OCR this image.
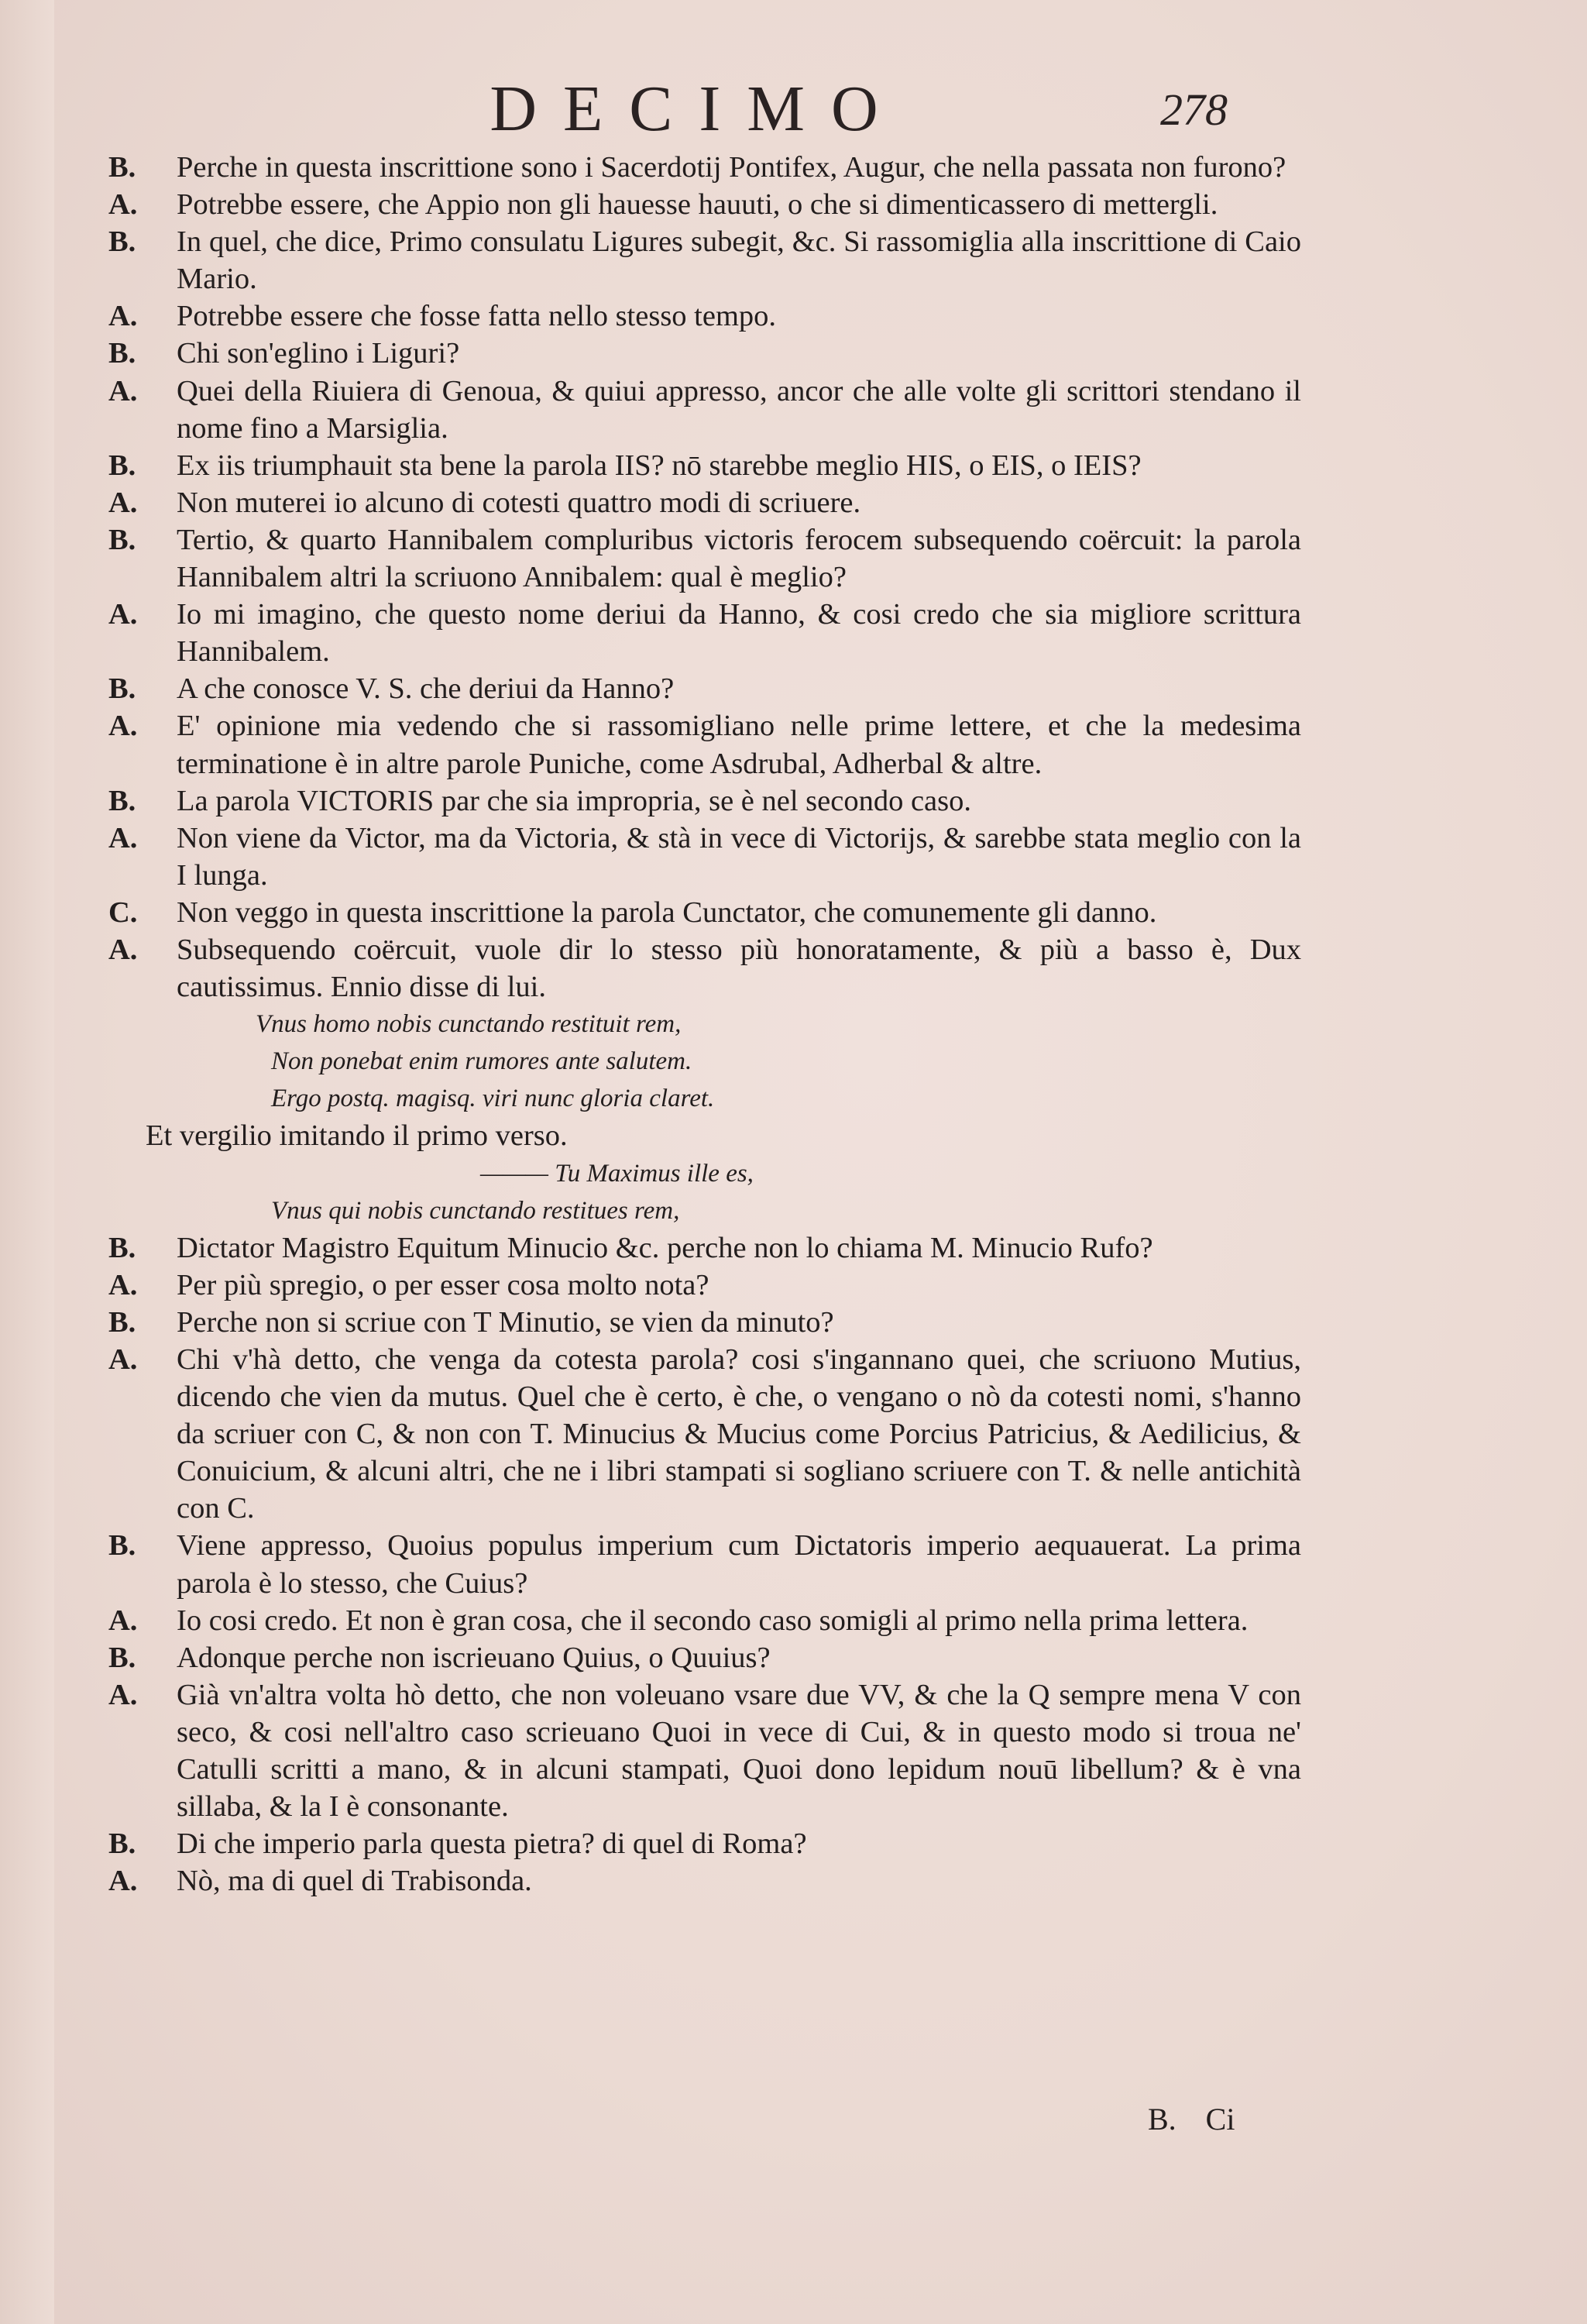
DECIMO	278
B.	Perche in questa inscrittione sono i Sacerdotij Pontifex, Augur, che nella passata non furono?
A.	Potrebbe essere, che Appio non gli hauesse hauuti, o che si dimenticassero di mettergli.
B.	In quel, che dice, Primo consulatu Ligures subegit, &c. Si rassomiglia alla inscrittione di Caio Mario.
A.	Potrebbe essere che fosse fatta nello stesso tempo.
B.	Chi son'eglino i Liguri?
A.	Quei della Riuiera di Genoua, & quiui appresso, ancor che alle volte gli scrittori stendano il nome fino a Marsiglia.
B.	Ex iis triumphauit sta bene la parola IIS? nō starebbe meglio HIS, o EIS, o IEIS?
A.	Non muterei io alcuno di cotesti quattro modi di scriuere.
B.	Tertio, & quarto Hannibalem compluribus victoris ferocem subsequendo coërcuit: la parola Hannibalem altri la scriuono Annibalem: qual è meglio?
A.	Io mi imagino, che questo nome deriui da Hanno, & cosi credo che sia migliore scrittura Hannibalem.
B.	A che conosce V. S. che deriui da Hanno?
A.	E' opinione mia vedendo che si rassomigliano nelle prime lettere, et che la medesima terminatione è in altre parole Puniche, come Asdrubal, Adherbal & altre.
B.	La parola VICTORIS par che sia impropria, se è nel secondo caso.
A.	Non viene da Victor, ma da Victoria, & stà in vece di Victorijs, & sarebbe stata meglio con la I lunga.
C.	Non veggo in questa inscrittione la parola Cunctator, che comunemente gli danno.
A.	Subsequendo coërcuit, vuole dir lo stesso più honoratamente, & più a basso è, Dux cautissimus. Ennio disse di lui.
Vnus homo nobis cunctando restituit rem,
Non ponebat enim rumores ante salutem.
Ergo postq. magisq. viri nunc gloria claret.
Et vergilio imitando il primo verso.
——— Tu Maximus ille es,
Vnus qui nobis cunctando restitues rem,
B.	Dictator Magistro Equitum Minucio &c. perche non lo chiama M. Minucio Rufo?
A.	Per più spregio, o per esser cosa molto nota?
B.	Perche non si scriue con T Minutio, se vien da minuto?
A.	Chi v'hà detto, che venga da cotesta parola? cosi s'ingannano quei, che scriuono Mutius, dicendo che vien da mutus. Quel che è certo, è che, o vengano o nò da cotesti nomi, s'hanno da scriuer con C, & non con T. Minucius & Mucius come Porcius Patricius, & Aedilicius, & Conuicium, & alcuni altri, che ne i libri stampati si sogliano scriuere con T. & nelle antichità con C.
B.	Viene appresso, Quoius populus imperium cum Dictatoris imperio aequauerat. La prima parola è lo stesso, che Cuius?
A.	Io cosi credo. Et non è gran cosa, che il secondo caso somigli al primo nella prima lettera.
B.	Adonque perche non iscrieuano Quius, o Quuius?
A.	Già vn'altra volta hò detto, che non voleuano vsare due VV, & che la Q sempre mena V con seco, & cosi nell'altro caso scrieuano Quoi in vece di Cui, & in questo modo si troua ne' Catulli scritti a mano, & in alcuni stampati, Quoi dono lepidum nouū libellum? & è vna sillaba, & la I è consonante.
B.	Di che imperio parla questa pietra? di quel di Roma?
A.	Nò, ma di quel di Trabisonda.
B. Ci
